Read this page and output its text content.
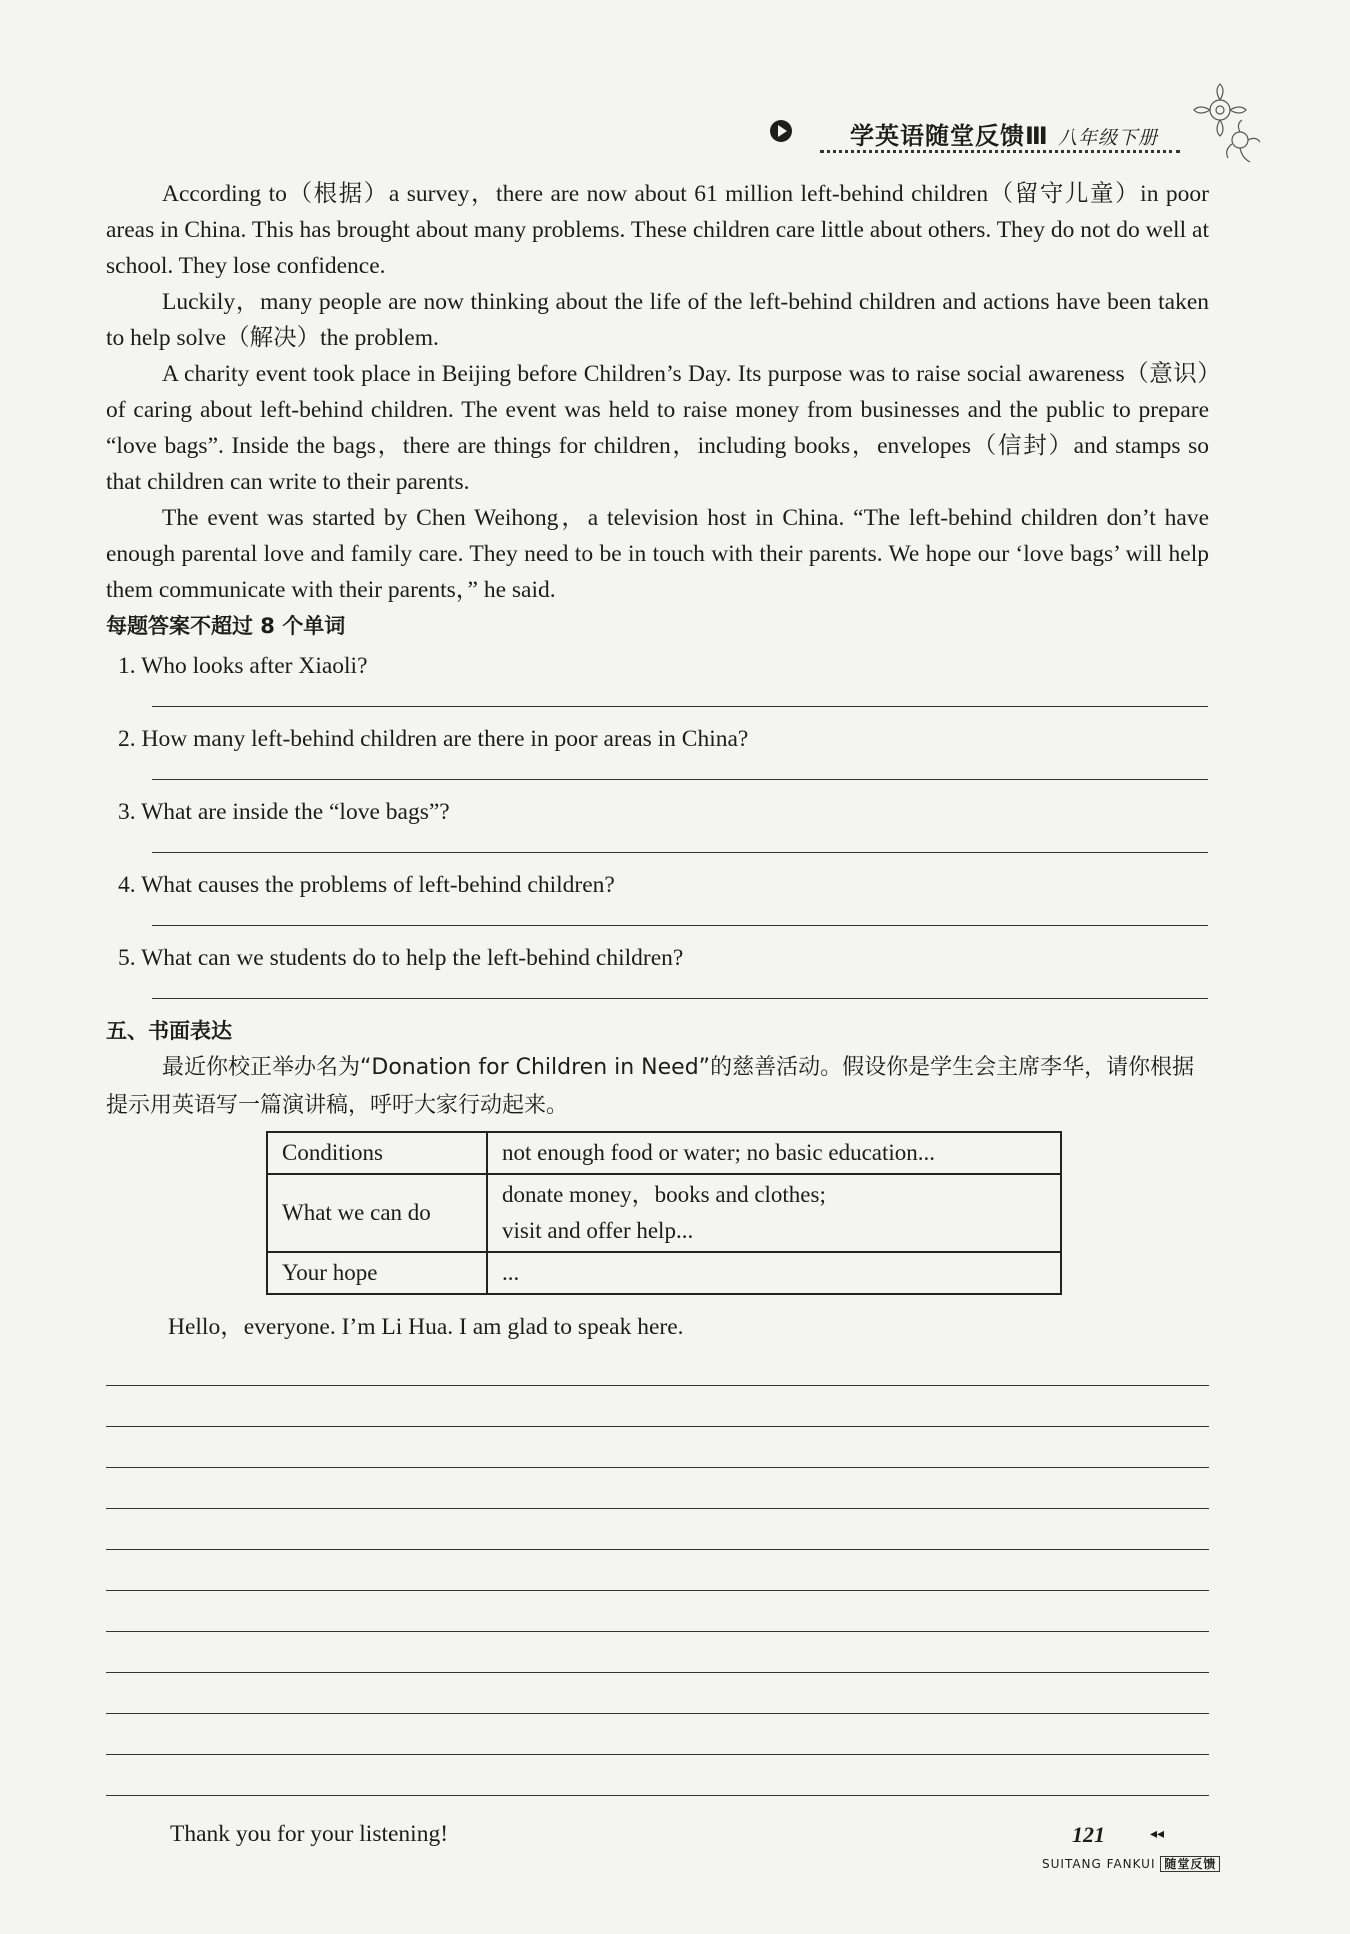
学英语随堂反馈Ⅲ 八年级下册

According to（根据）a survey，there are now about 61 million left-behind children（留守儿童）in poor areas in China. This has brought about many problems. These children care little about others. They do not do well at school. They lose confidence.

Luckily，many people are now thinking about the life of the left-behind children and actions have been taken to help solve（解决）the problem.

A charity event took place in Beijing before Children’s Day. Its purpose was to raise social awareness（意识）of caring about left-behind children. The event was held to raise money from businesses and the public to prepare “love bags”. Inside the bags，there are things for children，including books，envelopes（信封）and stamps so that children can write to their parents.

The event was started by Chen Weihong，a television host in China. “The left-behind children don’t have enough parental love and family care. They need to be in touch with their parents. We hope our ‘love bags’ will help them communicate with their parents，” he said.

每题答案不超过 8 个单词

1. Who looks after Xiaoli?
2. How many left-behind children are there in poor areas in China?
3. What are inside the “love bags”?
4. What causes the problems of left-behind children?
5. What can we students do to help the left-behind children?
五、书面表达

最近你校正举办名为“Donation for Children in Need”的慈善活动。假设你是学生会主席李华，请你根据提示用英语写一篇演讲稿，呼吁大家行动起来。

Conditions	not enough food or water; no basic education...
What we can do	donate money，books and clothes;
visit and offer help...

Your hope	...
Hello，everyone. I’m Li Hua. I am glad to speak here.
Thank you for your listening!	121	◂◂
SUITANG FANKUI 随堂反馈
